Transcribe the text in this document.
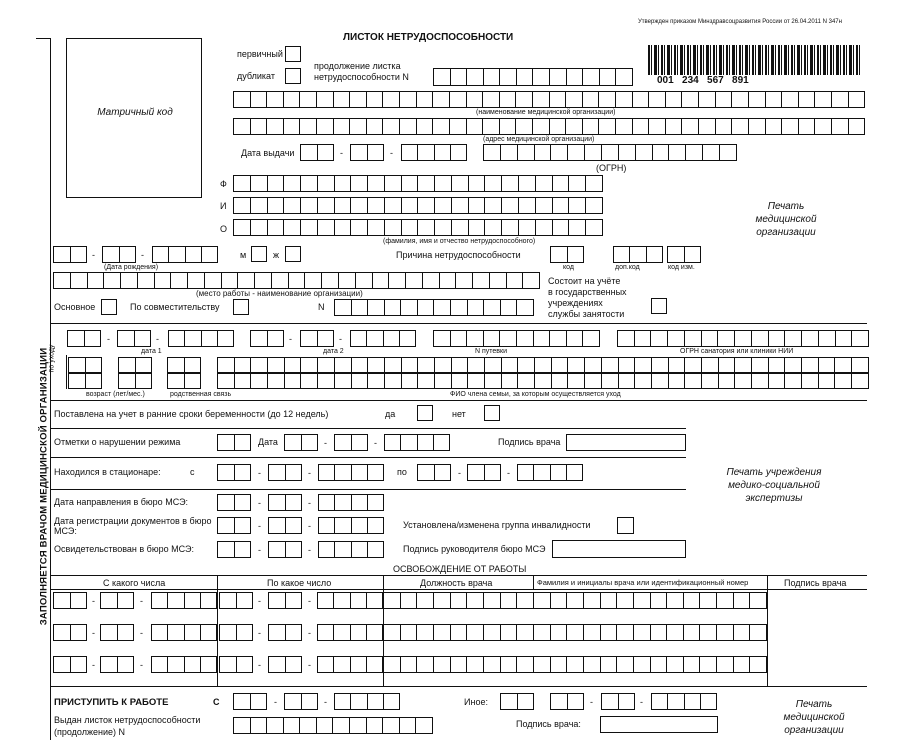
Утвержден приказом Минздравсоцразвития России от 26.04.2011 N 347н
ЛИСТОК НЕТРУДОСПОСОБНОСТИ
001   234   567   891
ЗАПОЛНЯЕТСЯ ВРАЧОМ МЕДИЦИНСКОЙ ОРГАНИЗАЦИИ
по уходу
Матричный код
первичный
дубликат
продолжение листка
нетрудоспособности N
(наименование медицинской организации)
(адрес медицинской организации)
Дата выдачи	-	-
(ОГРН)
Ф
И
О
(фамилия, имя и отчество нетрудоспособного)
Печать медицинской организации
-	-
(Дата рождения)
м	ж	Причина нетрудоспособности
код	доп.код	код изм.
(место работы - наименование организации)
Состоит на учёте
в государственных
учреждениях
службы занятости
Основное	По совместительству	N
-	-
дата 1
-	-
дата 2	N путевки	ОГРН санатория или клиники НИИ
возраст (лет/мес.)	родственная связь	ФИО члена семьи, за которым осуществляется уход
Поставлена на учет в ранние сроки беременности (до 12 недель)	да	нет
Отметки о нарушении режима	Дата	-	-	Подпись врача
Находился в стационаре:	с	-	-	по	-	-	Печать учреждения медико-социальной экспертизы
Дата направления в бюро МСЭ:	-	-
Дата регистрации документов в бюро МСЭ:	-	-	Установлена/изменена группа инвалидности
Освидетельствован в бюро МСЭ:	-	-	Подпись руководителя бюро МСЭ
ОСВОБОЖДЕНИЕ ОТ РАБОТЫ
С какого числа	По какое число	Должность врача	Фамилия и инициалы врача или идентификационный номер	Подпись врача
-	-	-	-
-	-	-	-
-	-	-	-
ПРИСТУПИТЬ К РАБОТЕ	С	-	-	Иное:	-	-
Выдан листок нетрудоспособности
(продолжение) N
Подпись врача:
Печать медицинской организации
